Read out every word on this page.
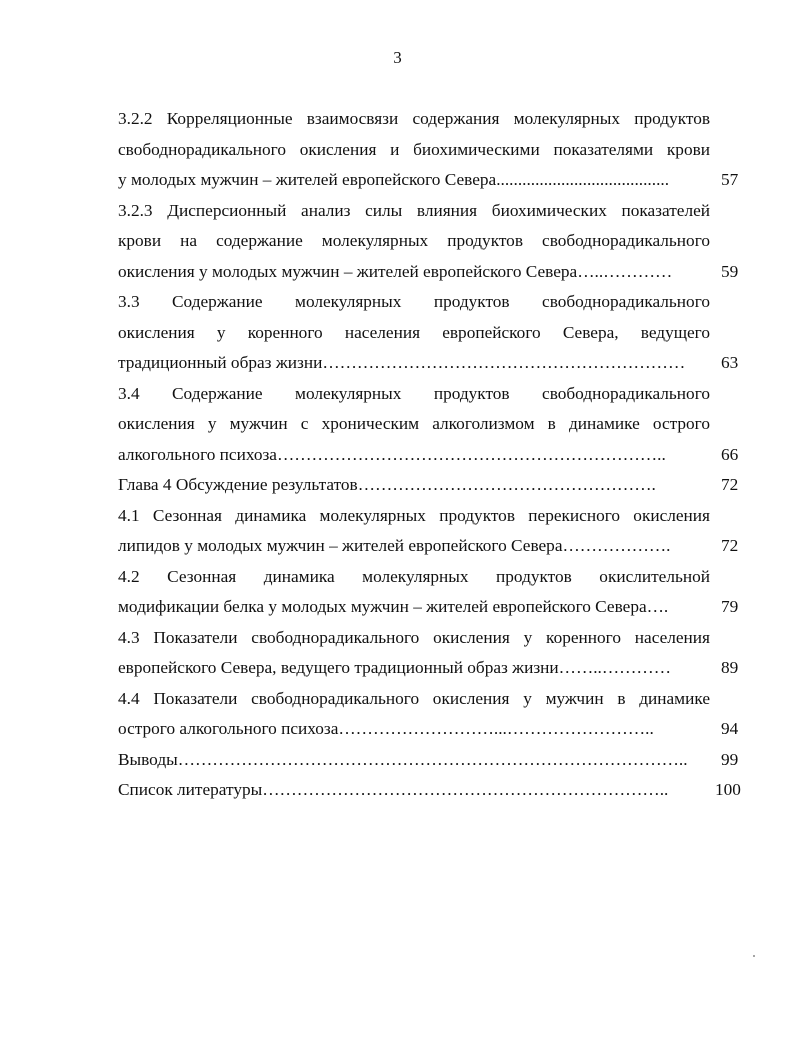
3
3.2.2 Корреляционные взаимосвязи содержания молекулярных продуктов
свободнорадикального окисления и биохимическими показателями крови
у молодых мужчин – жителей европейского Севера........................................	57
3.2.3 Дисперсионный анализ силы влияния биохимических показателей
крови на содержание молекулярных продуктов свободнорадикального
окисления у молодых мужчин – жителей европейского Севера…..…………	59
3.3 Содержание молекулярных продуктов свободнорадикального
окисления у коренного населения европейского Севера, ведущего
традиционный образ жизни……………………………………………………… 63
3.4 Содержание молекулярных продуктов свободнорадикального
окисления у мужчин с хроническим алкоголизмом в динамике острого
алкогольного психоза…………………………………………………………..	66
Глава 4 Обсуждение результатов…………………………………………….	72
4.1 Сезонная динамика молекулярных продуктов перекисного окисления
липидов у молодых мужчин – жителей европейского Севера……………….	72
4.2 Сезонная динамика молекулярных продуктов окислительной
модификации белка у молодых мужчин – жителей европейского Севера….	79
4.3 Показатели свободнорадикального окисления у коренного населения
европейского Севера, ведущего традиционный образ жизни……..…………	89
4.4 Показатели свободнорадикального окисления у мужчин в динамике
острого алкогольного психоза………………………...……………………..	94
Выводы…………………………………………………………………………….. 99
Список литературы……………………………………………………………..	100
